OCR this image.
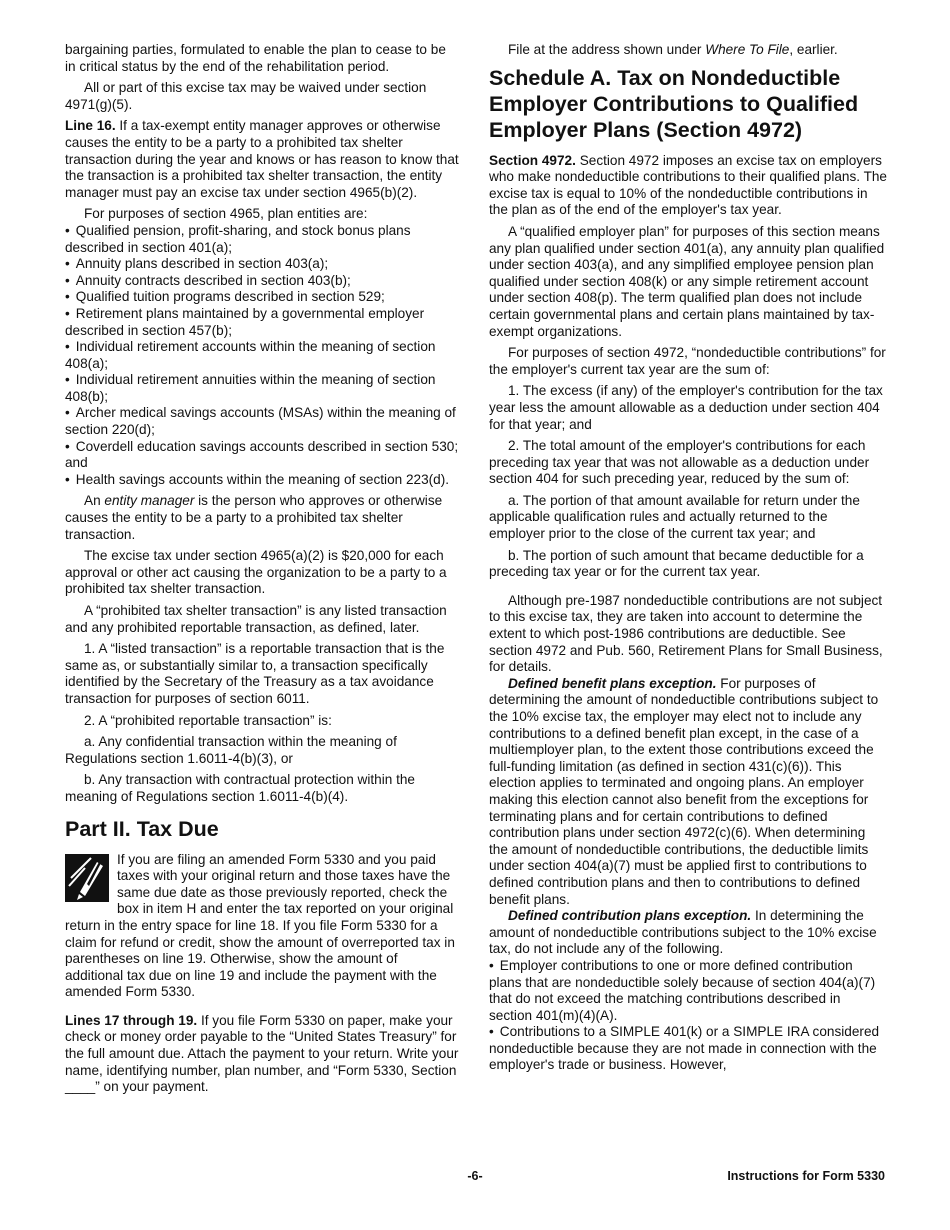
bargaining parties, formulated to enable the plan to cease to be in critical status by the end of the rehabilitation period.

All or part of this excise tax may be waived under section 4971(g)(5).

Line 16. If a tax-exempt entity manager approves or otherwise causes the entity to be a party to a prohibited tax shelter transaction during the year and knows or has reason to know that the transaction is a prohibited tax shelter transaction, the entity manager must pay an excise tax under section 4965(b)(2).

For purposes of section 4965, plan entities are:

• Qualified pension, profit-sharing, and stock bonus plans described in section 401(a);
• Annuity plans described in section 403(a);
• Annuity contracts described in section 403(b);
• Qualified tuition programs described in section 529;
• Retirement plans maintained by a governmental employer described in section 457(b);
• Individual retirement accounts within the meaning of section 408(a);
• Individual retirement annuities within the meaning of section 408(b);
• Archer medical savings accounts (MSAs) within the meaning of section 220(d);
• Coverdell education savings accounts described in section 530; and
• Health savings accounts within the meaning of section 223(d).

An entity manager is the person who approves or otherwise causes the entity to be a party to a prohibited tax shelter transaction.

The excise tax under section 4965(a)(2) is $20,000 for each approval or other act causing the organization to be a party to a prohibited tax shelter transaction.

A “prohibited tax shelter transaction” is any listed transaction and any prohibited reportable transaction, as defined, later.

1. A “listed transaction” is a reportable transaction that is the same as, or substantially similar to, a transaction specifically identified by the Secretary of the Treasury as a tax avoidance transaction for purposes of section 6011.

2. A “prohibited reportable transaction” is:

a. Any confidential transaction within the meaning of Regulations section 1.6011-4(b)(3), or

b. Any transaction with contractual protection within the meaning of Regulations section 1.6011-4(b)(4).

Part II. Tax Due

If you are filing an amended Form 5330 and you paid taxes with your original return and those taxes have the same due date as those previously reported, check the box in item H and enter the tax reported on your original return in the entry space for line 18. If you file Form 5330 for a claim for refund or credit, show the amount of overreported tax in parentheses on line 19. Otherwise, show the amount of additional tax due on line 19 and include the payment with the amended Form 5330.

Lines 17 through 19. If you file Form 5330 on paper, make your check or money order payable to the “United States Treasury” for the full amount due. Attach the payment to your return. Write your name, identifying number, plan number, and “Form 5330, Section ____” on your payment.

File at the address shown under Where To File, earlier.

Schedule A. Tax on Nondeductible Employer Contributions to Qualified Employer Plans (Section 4972)

Section 4972. Section 4972 imposes an excise tax on employers who make nondeductible contributions to their qualified plans. The excise tax is equal to 10% of the nondeductible contributions in the plan as of the end of the employer's tax year.

A “qualified employer plan” for purposes of this section means any plan qualified under section 401(a), any annuity plan qualified under section 403(a), and any simplified employee pension plan qualified under section 408(k) or any simple retirement account under section 408(p). The term qualified plan does not include certain governmental plans and certain plans maintained by tax-exempt organizations.

For purposes of section 4972, “nondeductible contributions” for the employer's current tax year are the sum of:

1. The excess (if any) of the employer's contribution for the tax year less the amount allowable as a deduction under section 404 for that year; and

2. The total amount of the employer's contributions for each preceding tax year that was not allowable as a deduction under section 404 for such preceding year, reduced by the sum of:

a. The portion of that amount available for return under the applicable qualification rules and actually returned to the employer prior to the close of the current tax year; and

b. The portion of such amount that became deductible for a preceding tax year or for the current tax year.

Although pre-1987 nondeductible contributions are not subject to this excise tax, they are taken into account to determine the extent to which post-1986 contributions are deductible. See section 4972 and Pub. 560, Retirement Plans for Small Business, for details.

Defined benefit plans exception. For purposes of determining the amount of nondeductible contributions subject to the 10% excise tax, the employer may elect not to include any contributions to a defined benefit plan except, in the case of a multiemployer plan, to the extent those contributions exceed the full-funding limitation (as defined in section 431(c)(6)). This election applies to terminated and ongoing plans. An employer making this election cannot also benefit from the exceptions for terminating plans and for certain contributions to defined contribution plans under section 4972(c)(6). When determining the amount of nondeductible contributions, the deductible limits under section 404(a)(7) must be applied first to contributions to defined contribution plans and then to contributions to defined benefit plans.

Defined contribution plans exception. In determining the amount of nondeductible contributions subject to the 10% excise tax, do not include any of the following.

• Employer contributions to one or more defined contribution plans that are nondeductible solely because of section 404(a)(7) that do not exceed the matching contributions described in section 401(m)(4)(A).
• Contributions to a SIMPLE 401(k) or a SIMPLE IRA considered nondeductible because they are not made in connection with the employer's trade or business. However,
-6-	Instructions for Form 5330
